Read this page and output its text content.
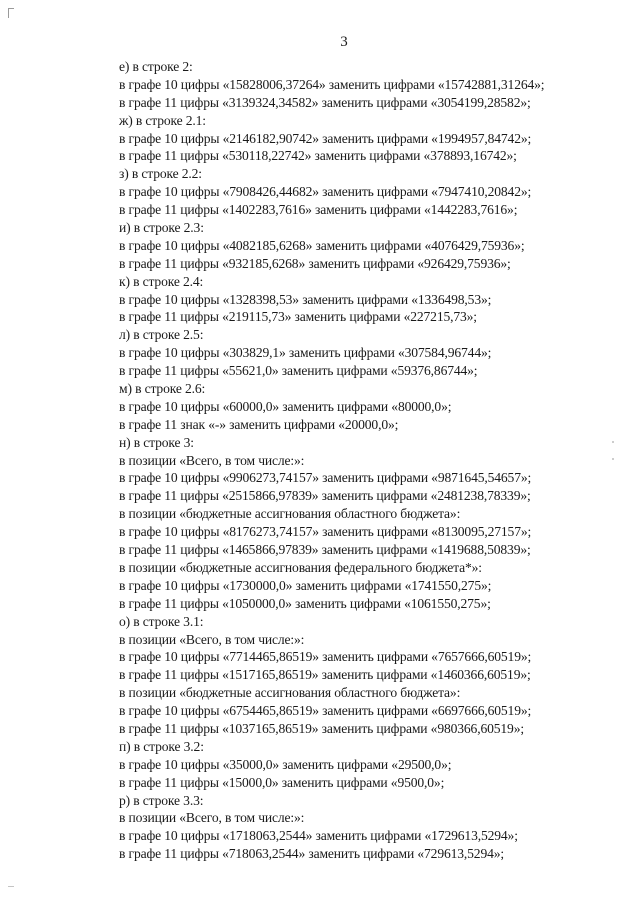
3
е) в строке 2:
в графе 10 цифры «15828006,37264» заменить цифрами «15742881,31264»;
в графе 11 цифры «3139324,34582» заменить цифрами «3054199,28582»;
ж) в строке 2.1:
в графе 10 цифры «2146182,90742» заменить цифрами «1994957,84742»;
в графе 11 цифры «530118,22742» заменить цифрами «378893,16742»;
з) в строке 2.2:
в графе 10 цифры «7908426,44682» заменить цифрами «7947410,20842»;
в графе 11 цифры «1402283,7616» заменить цифрами «1442283,7616»;
и) в строке 2.3:
в графе 10 цифры «4082185,6268» заменить цифрами «4076429,75936»;
в графе 11 цифры «932185,6268» заменить цифрами «926429,75936»;
к) в строке 2.4:
в графе 10 цифры «1328398,53» заменить цифрами «1336498,53»;
в графе 11 цифры «219115,73» заменить цифрами «227215,73»;
л) в строке 2.5:
в графе 10 цифры «303829,1» заменить цифрами «307584,96744»;
в графе 11 цифры «55621,0» заменить цифрами «59376,86744»;
м) в строке 2.6:
в графе 10 цифры «60000,0» заменить цифрами «80000,0»;
в графе 11 знак «-» заменить цифрами «20000,0»;
н) в строке 3:
в позиции «Всего, в том числе:»:
в графе 10 цифры «9906273,74157» заменить цифрами «9871645,54657»;
в графе 11 цифры «2515866,97839» заменить цифрами «2481238,78339»;
в позиции «бюджетные ассигнования областного бюджета»:
в графе 10 цифры «8176273,74157» заменить цифрами «8130095,27157»;
в графе 11 цифры «1465866,97839» заменить цифрами «1419688,50839»;
в позиции «бюджетные ассигнования федерального бюджета*»:
в графе 10 цифры «1730000,0» заменить цифрами «1741550,275»;
в графе 11 цифры «1050000,0» заменить цифрами «1061550,275»;
о) в строке 3.1:
в позиции «Всего, в том числе:»:
в графе 10 цифры «7714465,86519» заменить цифрами «7657666,60519»;
в графе 11 цифры «1517165,86519» заменить цифрами «1460366,60519»;
в позиции «бюджетные ассигнования областного бюджета»:
в графе 10 цифры «6754465,86519» заменить цифрами «6697666,60519»;
в графе 11 цифры «1037165,86519» заменить цифрами «980366,60519»;
п) в строке 3.2:
в графе 10 цифры «35000,0» заменить цифрами «29500,0»;
в графе 11 цифры «15000,0» заменить цифрами «9500,0»;
р) в строке 3.3:
в позиции «Всего, в том числе:»:
в графе 10 цифры «1718063,2544» заменить цифрами «1729613,5294»;
в графе 11 цифры «718063,2544» заменить цифрами «729613,5294»;
